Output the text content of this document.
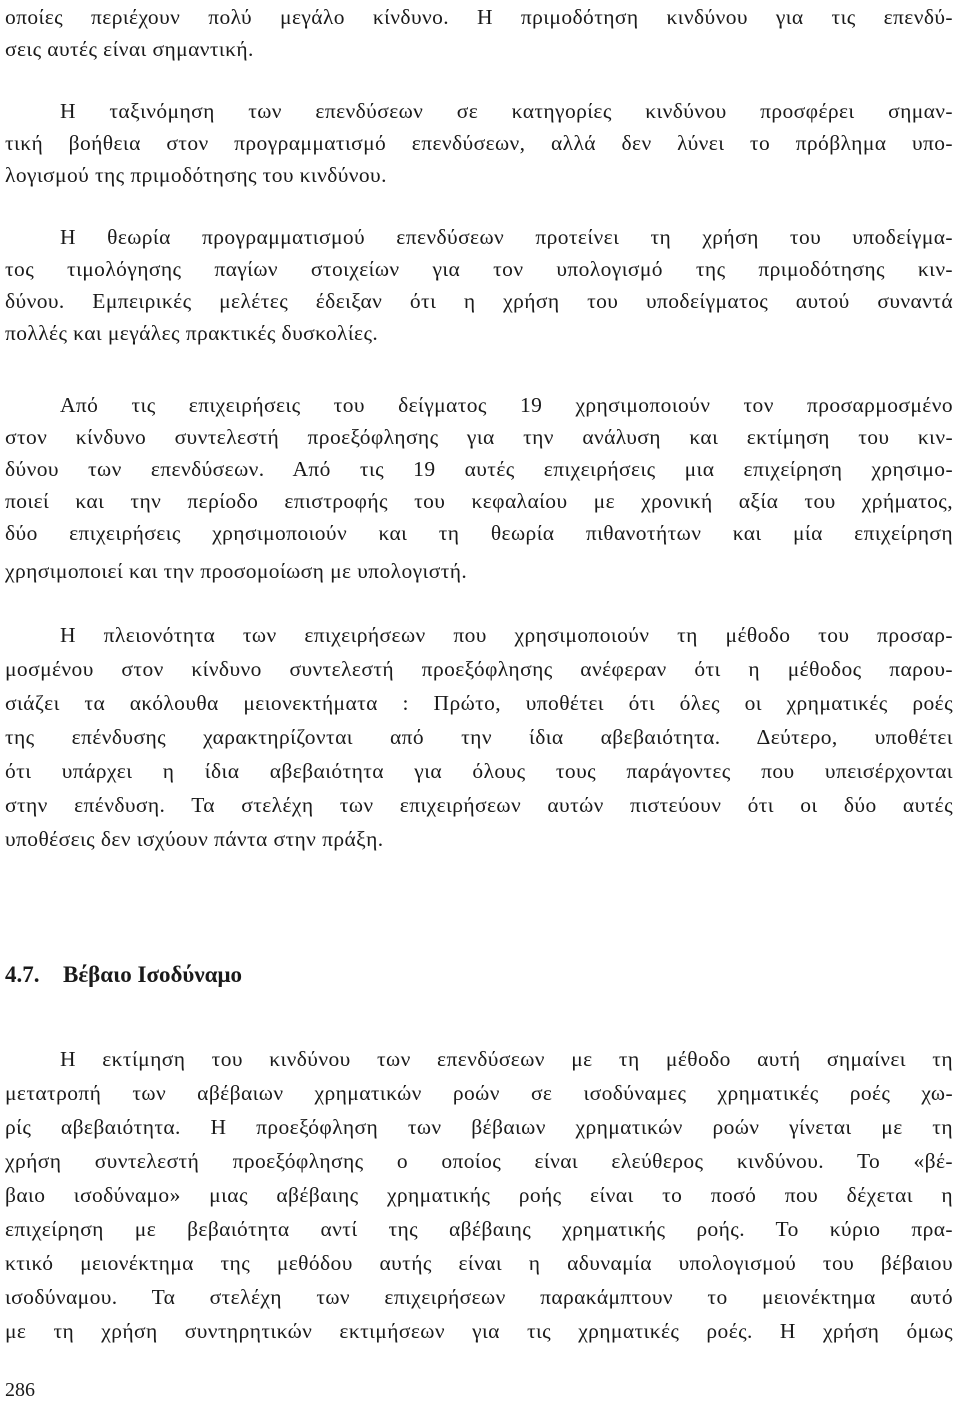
οποίες περιέχουν πολύ μεγάλο κίνδυνο. Η πριμοδότηση κινδύνου για τις επενδύ-
σεις αυτές είναι σημαντική.
Η ταξινόμηση των επενδύσεων σε κατηγορίες κινδύνου προσφέρει σημαν-
τική βοήθεια στον προγραμματισμό επενδύσεων, αλλά δεν λύνει το πρόβλημα υπο-
λογισμού της πριμοδότησης του κινδύνου.
Η θεωρία προγραμματισμού επενδύσεων προτείνει τη χρήση του υποδείγμα-
τος τιμολόγησης παγίων στοιχείων για τον υπολογισμό της πριμοδότησης κιν-
δύνου. Εμπειρικές μελέτες έδειξαν ότι η χρήση του υποδείγματος αυτού συναντά
πολλές και μεγάλες πρακτικές δυσκολίες.
Από τις επιχειρήσεις του δείγματος 19 χρησιμοποιούν τον προσαρμοσμένο
στον κίνδυνο συντελεστή προεξόφλησης για την ανάλυση και εκτίμηση του κιν-
δύνου των επενδύσεων. Από τις 19 αυτές επιχειρήσεις μια επιχείρηση χρησιμο-
ποιεί και την περίοδο επιστροφής του κεφαλαίου με χρονική αξία του χρήματος,
δύο επιχειρήσεις χρησιμοποιούν και τη θεωρία πιθανοτήτων και μία επιχείρηση
χρησιμοποιεί και την προσομοίωση με υπολογιστή.
Η πλειονότητα των επιχειρήσεων που χρησιμοποιούν τη μέθοδο του προσαρ-
μοσμένου στον κίνδυνο συντελεστή προεξόφλησης ανέφεραν ότι η μέθοδος παρου-
σιάζει τα ακόλουθα μειονεκτήματα : Πρώτο, υποθέτει ότι όλες οι χρηματικές ροές
της επένδυσης χαρακτηρίζονται από την ίδια αβεβαιότητα. Δεύτερο, υποθέτει
ότι υπάρχει η ίδια αβεβαιότητα για όλους τους παράγοντες που υπεισέρχονται
στην επένδυση. Τα στελέχη των επιχειρήσεων αυτών πιστεύουν ότι οι δύο αυτές
υποθέσεις δεν ισχύουν πάντα στην πράξη.
4.7. Βέβαιο Ισοδύναμο
Η εκτίμηση του κινδύνου των επενδύσεων με τη μέθοδο αυτή σημαίνει τη
μετατροπή των αβέβαιων χρηματικών ροών σε ισοδύναμες χρηματικές ροές χω-
ρίς αβεβαιότητα. Η προεξόφληση των βέβαιων χρηματικών ροών γίνεται με τη
χρήση συντελεστή προεξόφλησης ο οποίος είναι ελεύθερος κινδύνου. Το «βέ-
βαιο ισοδύναμο» μιας αβέβαιης χρηματικής ροής είναι το ποσό που δέχεται η
επιχείρηση με βεβαιότητα αντί της αβέβαιης χρηματικής ροής. Το κύριο πρα-
κτικό μειονέκτημα της μεθόδου αυτής είναι η αδυναμία υπολογισμού του βέβαιου
ισοδύναμου. Τα στελέχη των επιχειρήσεων παρακάμπτουν το μειονέκτημα αυτό
με τη χρήση συντηρητικών εκτιμήσεων για τις χρηματικές ροές. Η χρήση όμως
286
